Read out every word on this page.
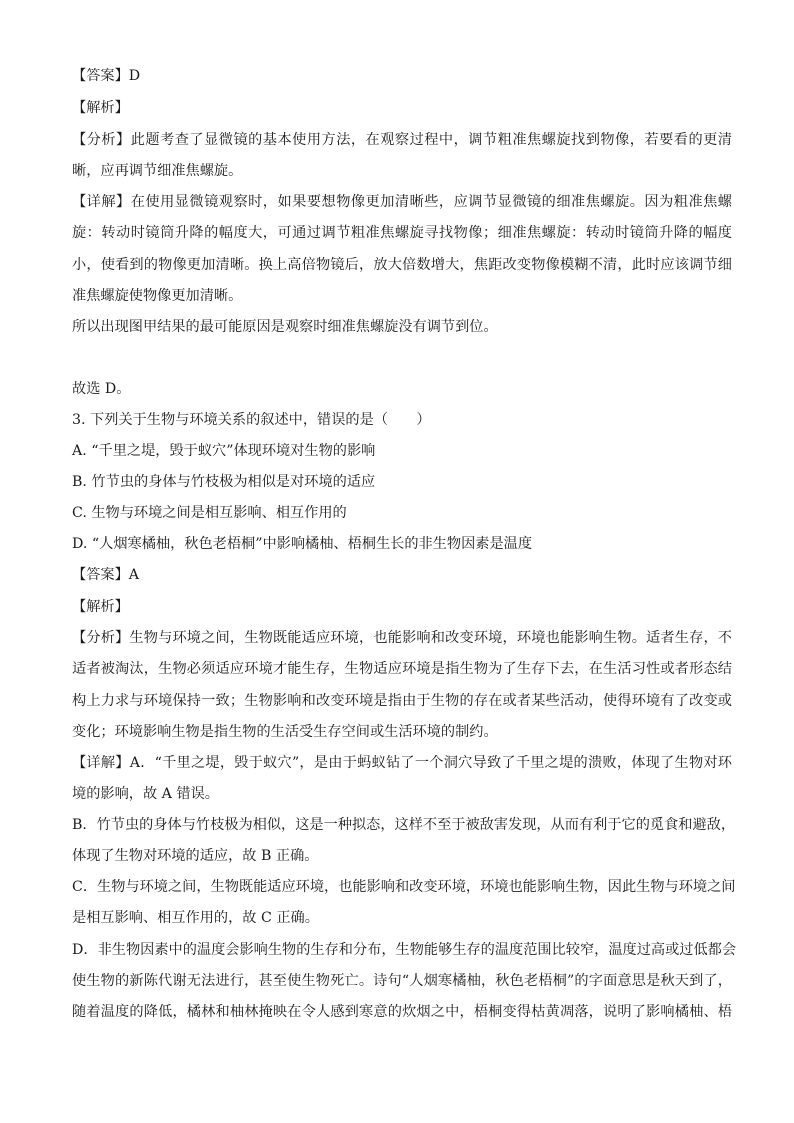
【答案】D
【解析】
【分析】此题考查了显微镜的基本使用方法，在观察过程中，调节粗准焦螺旋找到物像，若要看的更清
晰，应再调节细准焦螺旋。
【详解】在使用显微镜观察时，如果要想物像更加清晰些，应调节显微镜的细准焦螺旋。因为粗准焦螺
旋：转动时镜筒升降的幅度大，可通过调节粗准焦螺旋寻找物像；细准焦螺旋：转动时镜筒升降的幅度
小，使看到的物像更加清晰。换上高倍物镜后，放大倍数增大，焦距改变物像模糊不清，此时应该调节细
准焦螺旋使物像更加清晰。
所以出现图甲结果的最可能原因是观察时细准焦螺旋没有调节到位。
故选 D。
3. 下列关于生物与环境关系的叙述中，错误的是（　　）
A. “千里之堤，毁于蚁穴”体现环境对生物的影响
B. 竹节虫的身体与竹枝极为相似是对环境的适应
C. 生物与环境之间是相互影响、相互作用的
D. “人烟寒橘柚，秋色老梧桐”中影响橘柚、梧桐生长的非生物因素是温度
【答案】A
【解析】
【分析】生物与环境之间，生物既能适应环境，也能影响和改变环境，环境也能影响生物。适者生存，不
适者被淘汰，生物必须适应环境才能生存，生物适应环境是指生物为了生存下去，在生活习性或者形态结
构上力求与环境保持一致；生物影响和改变环境是指由于生物的存在或者某些活动，使得环境有了改变或
变化；环境影响生物是指生物的生活受生存空间或生活环境的制约。
【详解】A．“千里之堤，毁于蚁穴”，是由于蚂蚁钻了一个洞穴导致了千里之堤的溃败，体现了生物对环
境的影响，故 A 错误。
B．竹节虫的身体与竹枝极为相似，这是一种拟态，这样不至于被敌害发现，从而有利于它的觅食和避敌，
体现了生物对环境的适应，故 B 正确。
C．生物与环境之间，生物既能适应环境，也能影响和改变环境，环境也能影响生物，因此生物与环境之间
是相互影响、相互作用的，故 C 正确。
D．非生物因素中的温度会影响生物的生存和分布，生物能够生存的温度范围比较窄，温度过高或过低都会
使生物的新陈代谢无法进行，甚至使生物死亡。诗句“人烟寒橘柚，秋色老梧桐”的字面意思是秋天到了，
随着温度的降低，橘林和柚林掩映在令人感到寒意的炊烟之中，梧桐变得枯黄凋落，说明了影响橘柚、梧
